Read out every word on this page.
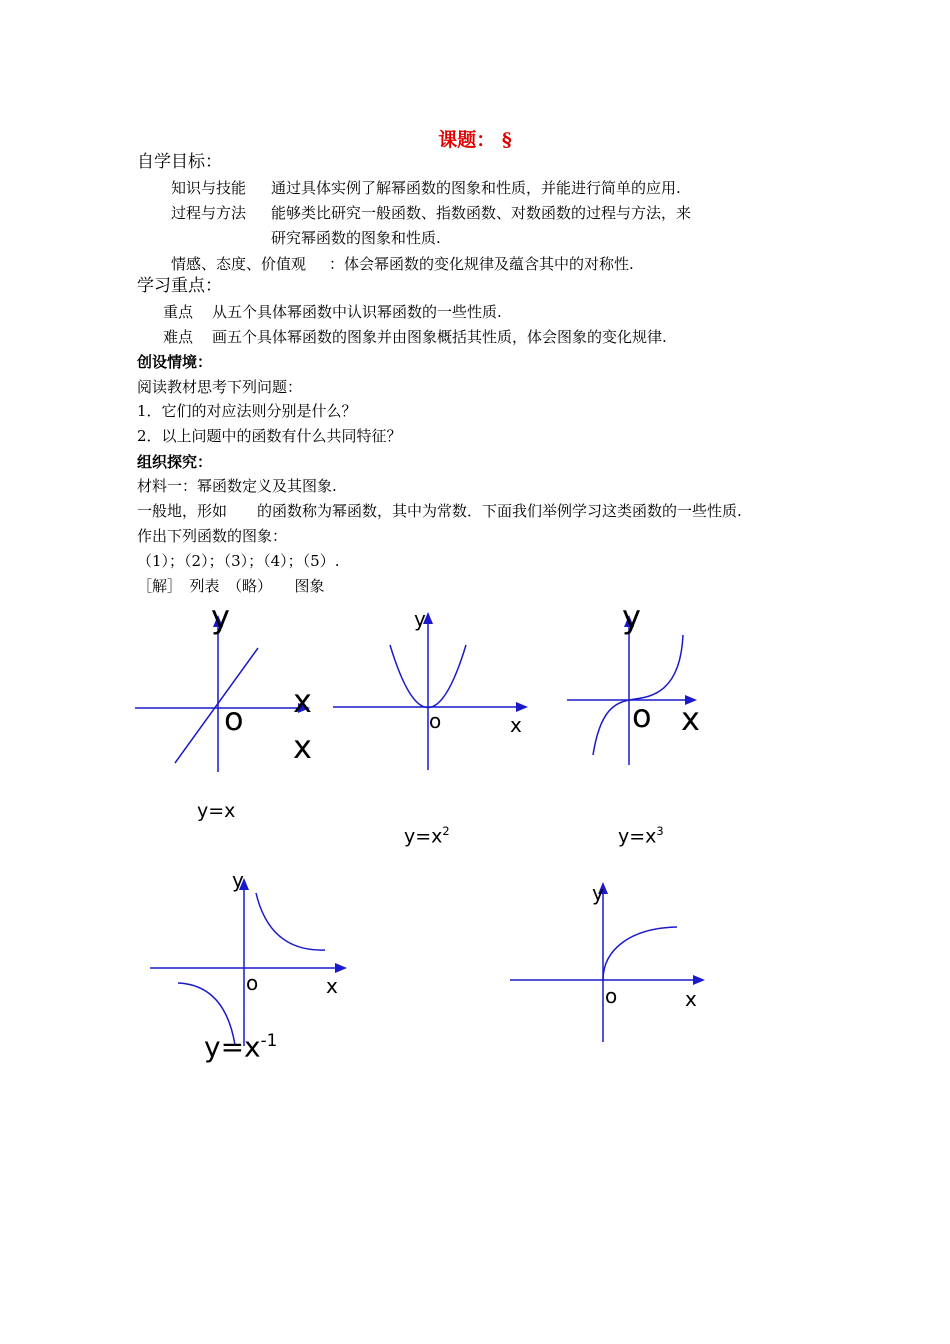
课题： §
自学目标：
知识与技能 通过具体实例了解幂函数的图象和性质，并能进行简单的应用.
过程与方法 能够类比研究一般函数、指数函数、对数函数的过程与方法，来
研究幂函数的图象和性质.
情感、态度、价值观 ：体会幂函数的变化规律及蕴含其中的对称性.
学习重点：
重点 从五个具体幂函数中认识幂函数的一些性质.
难点 画五个具体幂函数的图象并由图象概括其性质，体会图象的变化规律.
创设情境：
阅读教材思考下列问题：
1．它们的对应法则分别是什么？
2．以上问题中的函数有什么共同特征？
组织探究：
材料一：幂函数定义及其图象.
一般地，形如　　的函数称为幂函数，其中为常数．下面我们举例学习这类函数的一些性质.
作出下列函数的图象：
（1）；（2）；（3）；（4）；（5）.
［解］　列表　（略）　　图象
y
o x
x
y=x
y
o	x
$y=x^2$
y
o x
$y=x^3$
y
o	x
$y=x^{-1}$
y
o	x
